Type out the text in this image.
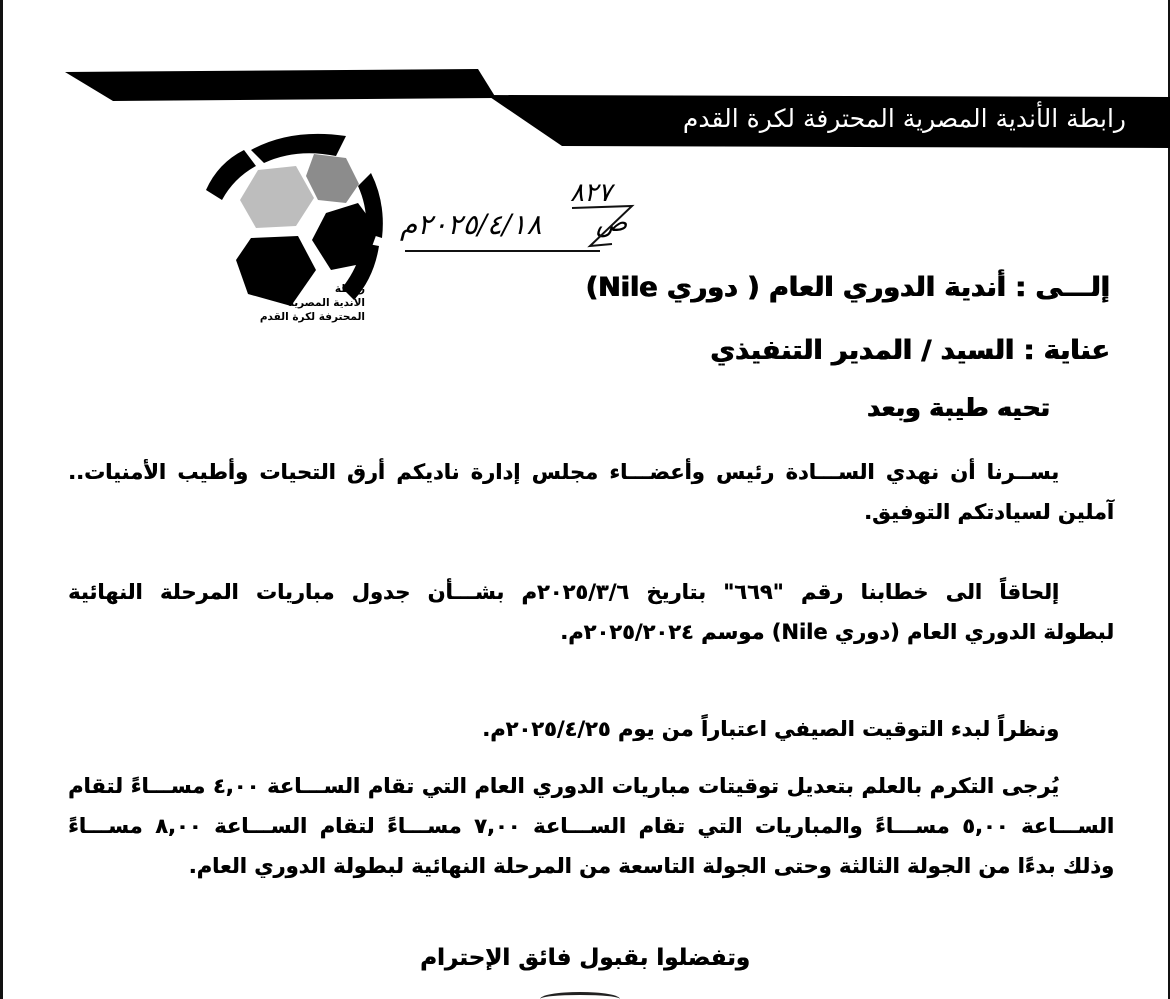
رابطة الأندية المصرية المحترفة لكرة القدم
رابطة
الأندية المصرية
المحترفة لكرة القدم
٨٢٧
ص
٢٠٢٥/٤/١٨م
إلـــى : أندية الدوري العام ( دوري Nile)
عناية : السيد / المدير التنفيذي
تحيه طيبة وبعد
يســرنا أن نهدي الســـادة رئيس وأعضـــاء مجلس إدارة ناديكم أرق التحيات وأطيب الأمنيات..
آملين لسيادتكم التوفيق.
إلحاقاً الى خطابنا رقم "٦٦٩" بتاريخ ٢٠٢٥/٣/٦م بشـــأن جدول مباريات المرحلة النهائية
لبطولة الدوري العام (دوري Nile) موسم ٢٠٢٥/٢٠٢٤م.
ونظراً لبدء التوقيت الصيفي اعتباراً من يوم ٢٠٢٥/٤/٢٥م.
يُرجى التكرم بالعلم بتعديل توقيتات مباريات الدوري العام التي تقام الســـاعة ٤,٠٠ مســـاءً لتقام
الســـاعة ٥,٠٠ مســـاءً والمباريات التي تقام الســـاعة ٧,٠٠ مســـاءً لتقام الســـاعة ٨,٠٠ مســـاءً
وذلك بدءًا من الجولة الثالثة وحتى الجولة التاسعة من المرحلة النهائية لبطولة الدوري العام.
وتفضلوا بقبول فائق الإحترام
